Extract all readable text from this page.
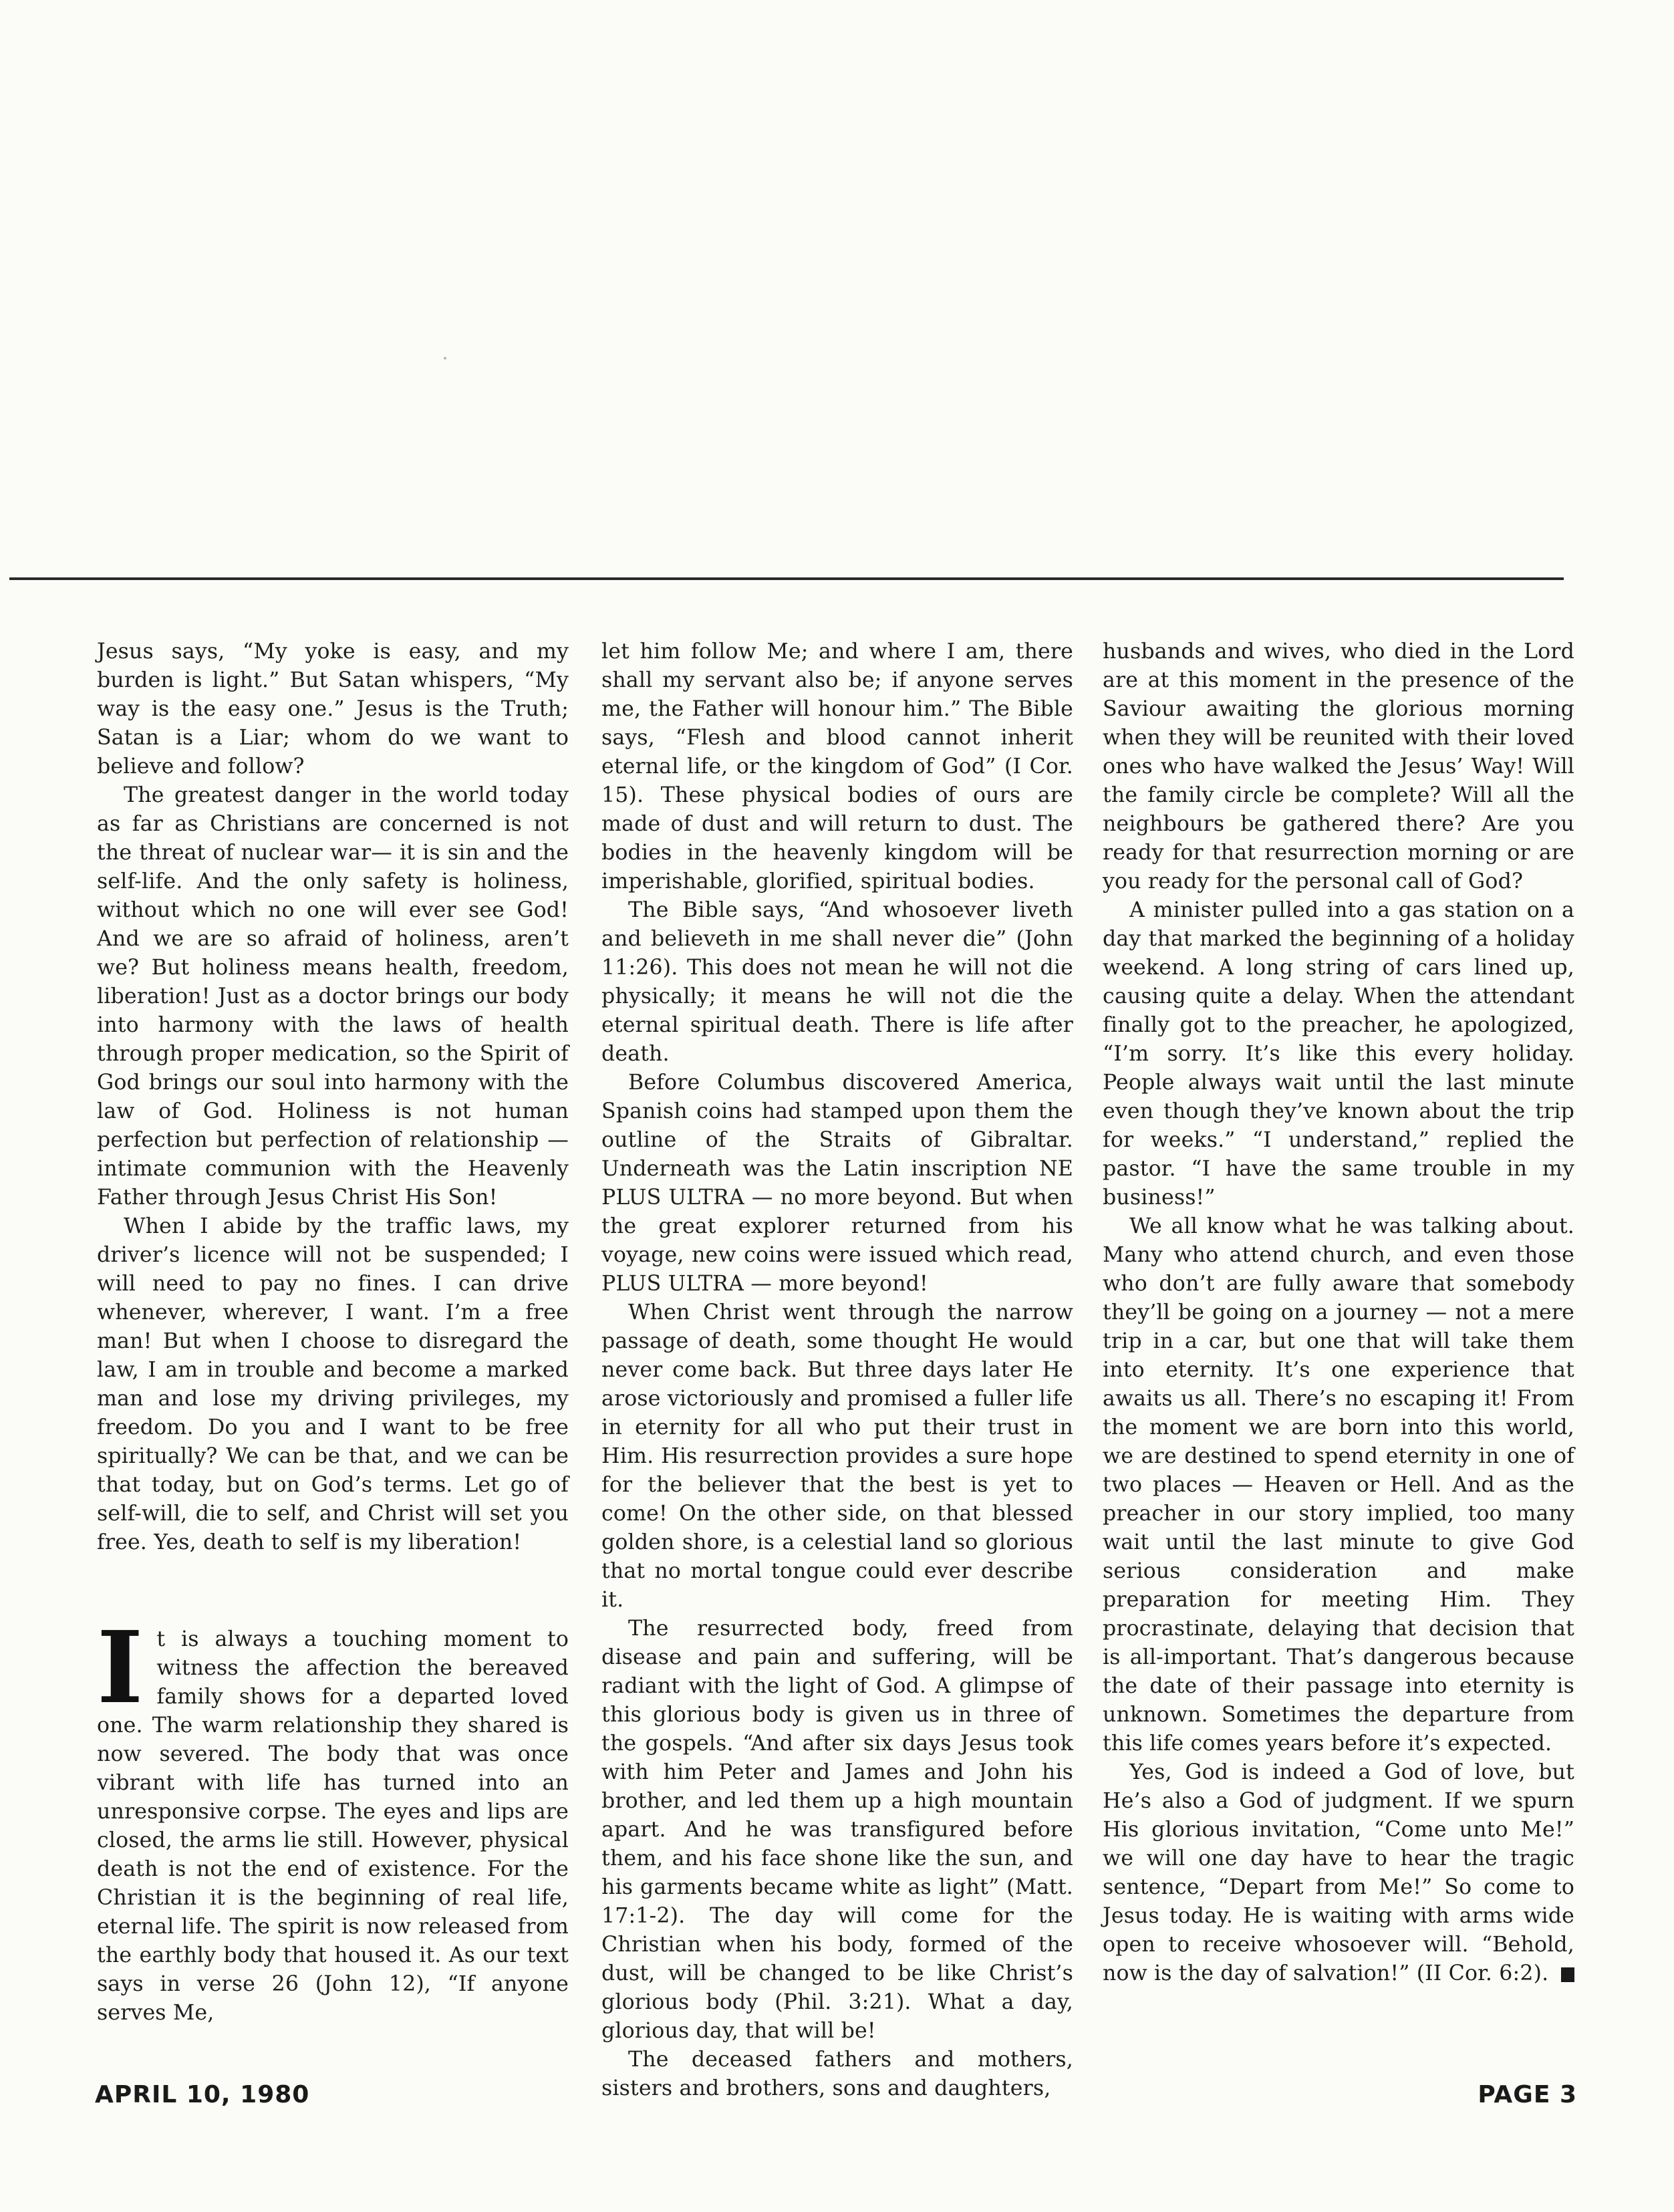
Jesus says, “My yoke is easy, and my burden is light.” But Satan whispers, “My way is the easy one.” Jesus is the Truth; Satan is a Liar; whom do we want to believe and follow?

The greatest danger in the world today as far as Christians are concerned is not the threat of nuclear war— it is sin and the self-life. And the only safety is holiness, without which no one will ever see God! And we are so afraid of holiness, aren’t we? But holiness means health, freedom, liberation! Just as a doctor brings our body into harmony with the laws of health through proper medication, so the Spirit of God brings our soul into harmony with the law of God. Holiness is not human perfection but perfection of relationship — intimate communion with the Heavenly Father through Jesus Christ His Son!

When I abide by the traffic laws, my driver’s licence will not be suspended; I will need to pay no fines. I can drive whenever, wherever, I want. I’m a free man! But when I choose to disregard the law, I am in trouble and become a marked man and lose my driving privileges, my freedom. Do you and I want to be free spiritually? We can be that, and we can be that today, but on God’s terms. Let go of self-will, die to self, and Christ will set you free. Yes, death to self is my liberation!

It is always a touching moment to witness the affection the bereaved family shows for a departed loved one. The warm relationship they shared is now severed. The body that was once vibrant with life has turned into an unresponsive corpse. The eyes and lips are closed, the arms lie still. However, physical death is not the end of existence. For the Christian it is the beginning of real life, eternal life. The spirit is now released from the earthly body that housed it. As our text says in verse 26 (John 12), “If anyone serves Me,

let him follow Me; and where I am, there shall my servant also be; if anyone serves me, the Father will honour him.” The Bible says, “Flesh and blood cannot inherit eternal life, or the kingdom of God” (I Cor. 15). These physical bodies of ours are made of dust and will return to dust. The bodies in the heavenly kingdom will be imperishable, glorified, spiritual bodies.

The Bible says, “And whosoever liveth and believeth in me shall never die” (John 11:26). This does not mean he will not die physically; it means he will not die the eternal spiritual death. There is life after death.

Before Columbus discovered America, Spanish coins had stamped upon them the outline of the Straits of Gibraltar. Underneath was the Latin inscription NE PLUS ULTRA — no more beyond. But when the great explorer returned from his voyage, new coins were issued which read, PLUS ULTRA — more beyond!

When Christ went through the narrow passage of death, some thought He would never come back. But three days later He arose victoriously and promised a fuller life in eternity for all who put their trust in Him. His resurrection provides a sure hope for the believer that the best is yet to come! On the other side, on that blessed golden shore, is a celestial land so glorious that no mortal tongue could ever describe it.

The resurrected body, freed from disease and pain and suffering, will be radiant with the light of God. A glimpse of this glorious body is given us in three of the gospels. “And after six days Jesus took with him Peter and James and John his brother, and led them up a high mountain apart. And he was transfigured before them, and his face shone like the sun, and his garments became white as light” (Matt. 17:1-2). The day will come for the Christian when his body, formed of the dust, will be changed to be like Christ’s glorious body (Phil. 3:21). What a day, glorious day, that will be!

The deceased fathers and mothers, sisters and brothers, sons and daughters,

husbands and wives, who died in the Lord are at this moment in the presence of the Saviour awaiting the glorious morning when they will be reunited with their loved ones who have walked the Jesus’ Way! Will the family circle be complete? Will all the neighbours be gathered there? Are you ready for that resurrection morning or are you ready for the personal call of God?

A minister pulled into a gas station on a day that marked the beginning of a holiday weekend. A long string of cars lined up, causing quite a delay. When the attendant finally got to the preacher, he apologized, “I’m sorry. It’s like this every holiday. People always wait until the last minute even though they’ve known about the trip for weeks.” “I understand,” replied the pastor. “I have the same trouble in my business!”

We all know what he was talking about. Many who attend church, and even those who don’t are fully aware that somebody they’ll be going on a journey — not a mere trip in a car, but one that will take them into eternity. It’s one experience that awaits us all. There’s no escaping it! From the moment we are born into this world, we are destined to spend eternity in one of two places — Heaven or Hell. And as the preacher in our story implied, too many wait until the last minute to give God serious consideration and make preparation for meeting Him. They procrastinate, delaying that decision that is all-important. That’s dangerous because the date of their passage into eternity is unknown. Sometimes the departure from this life comes years before it’s expected.

Yes, God is indeed a God of love, but He’s also a God of judgment. If we spurn His glorious invitation, “Come unto Me!” we will one day have to hear the tragic sentence, “Depart from Me!” So come to Jesus today. He is waiting with arms wide open to receive whosoever will. “Behold, now is the day of salvation!” (II Cor. 6:2).

APRIL 10, 1980	PAGE 3
